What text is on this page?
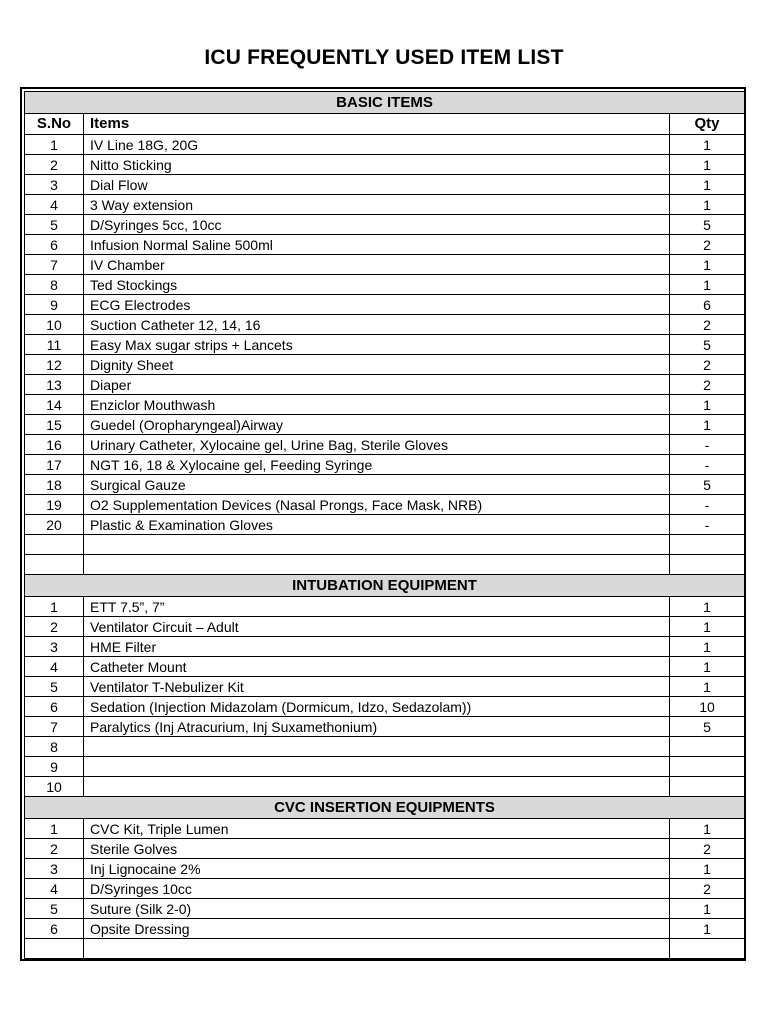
ICU FREQUENTLY USED ITEM LIST
BASIC ITEMS		
S.No	Items	Qty
1	IV Line 18G, 20G	1
2	Nitto Sticking	1
3	Dial Flow	1
4	3 Way extension	1
5	D/Syringes 5cc, 10cc	5
6	Infusion Normal Saline 500ml	2
7	IV Chamber	1
8	Ted Stockings	1
9	ECG Electrodes	6
10	Suction Catheter 12, 14, 16	2
11	Easy Max sugar strips + Lancets	5
12	Dignity Sheet	2
13	Diaper	2
14	Enziclor Mouthwash	1
15	Guedel (Oropharyngeal)Airway	1
16	Urinary Catheter, Xylocaine gel, Urine Bag, Sterile Gloves	-
17	NGT 16, 18 & Xylocaine gel, Feeding Syringe	-
18	Surgical Gauze	5
19	O2 Supplementation Devices (Nasal Prongs, Face Mask, NRB)	-
20	Plastic & Examination Gloves	-

INTUBATION EQUIPMENT		
1	ETT 7.5”, 7”	1
2	Ventilator Circuit – Adult	1
3	HME Filter	1
4	Catheter Mount	1
5	Ventilator T-Nebulizer Kit	1
6	Sedation (Injection Midazolam (Dormicum, Idzo, Sedazolam))	10
7	Paralytics (Inj Atracurium, Inj Suxamethonium)	5
8		
9		
10		
CVC INSERTION EQUIPMENTS		
1	CVC Kit, Triple Lumen	1
2	Sterile Golves	2
3	Inj Lignocaine 2%	1
4	D/Syringes 10cc	2
5	Suture (Silk 2-0)	1
6	Opsite Dressing	1
